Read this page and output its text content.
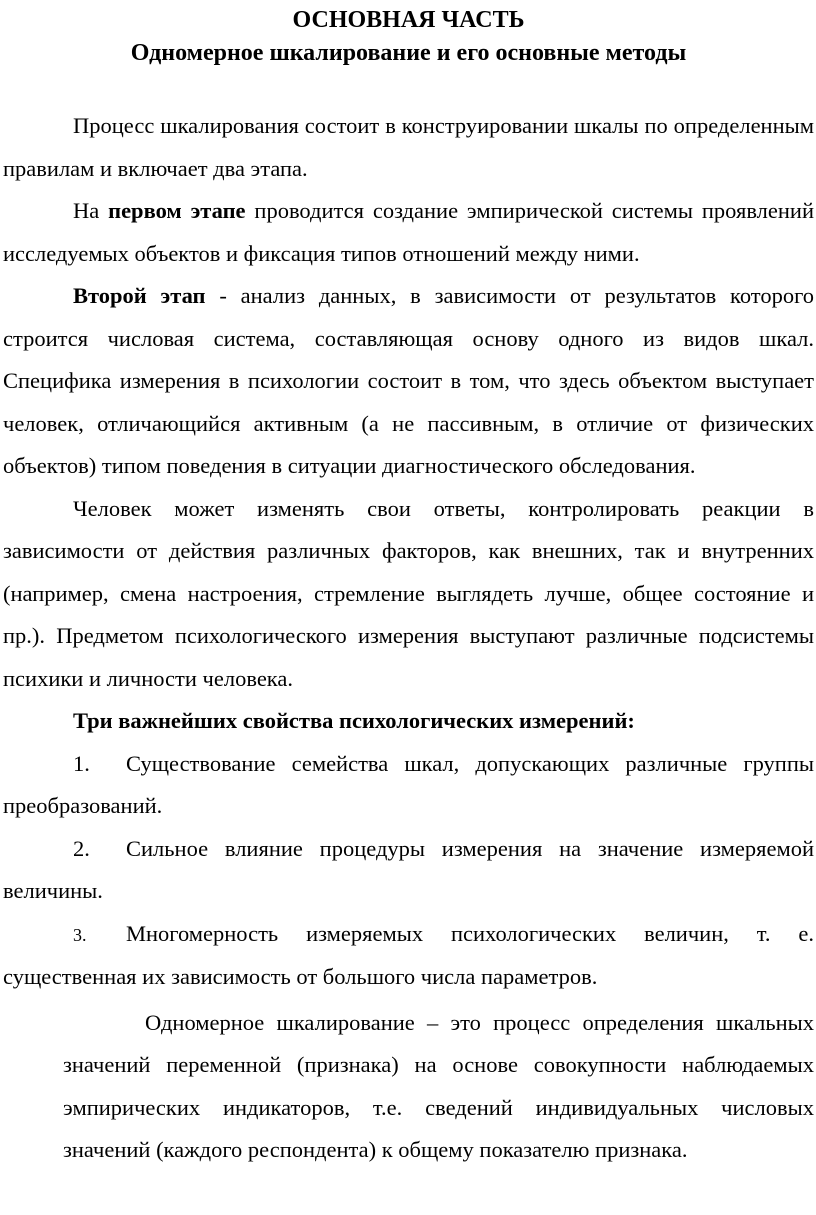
ОСНОВНАЯ ЧАСТЬ
Одномерное шкалирование и его основные методы

Процесс шкалирования состоит в конструировании шкалы по определенным правилам и включает два этапа.

На первом этапе проводится создание эмпирической системы проявлений исследуемых объектов и фиксация типов отношений между ними.

Второй этап - анализ данных, в зависимости от результатов которого строится числовая система, составляющая основу одного из видов шкал. Специфика измерения в психологии состоит в том, что здесь объектом выступает человек, отличающийся активным (а не пассивным, в отличие от физических объектов) типом поведения в ситуации диагностического обследования.

Человек может изменять свои ответы, контролировать реакции в зависимости от действия различных факторов, как внешних, так и внутренних (например, смена настроения, стремление выглядеть лучше, общее состояние и пр.). Предметом психологического измерения выступают различные подсистемы психики и личности человека.

Три важнейших свойства психологических измерений:

1. Существование семейства шкал, допускающих различные группы преобразований.

2. Сильное влияние процедуры измерения на значение измеряемой величины.

3. Многомерность измеряемых психологических величин, т. е. существенная их зависимость от большого числа параметров.

Одномерное шкалирование – это процесс определения шкальных значений переменной (признака) на основе совокупности наблюдаемых эмпирических индикаторов, т.е. сведений индивидуальных числовых значений (каждого респондента) к общему показателю признака.
